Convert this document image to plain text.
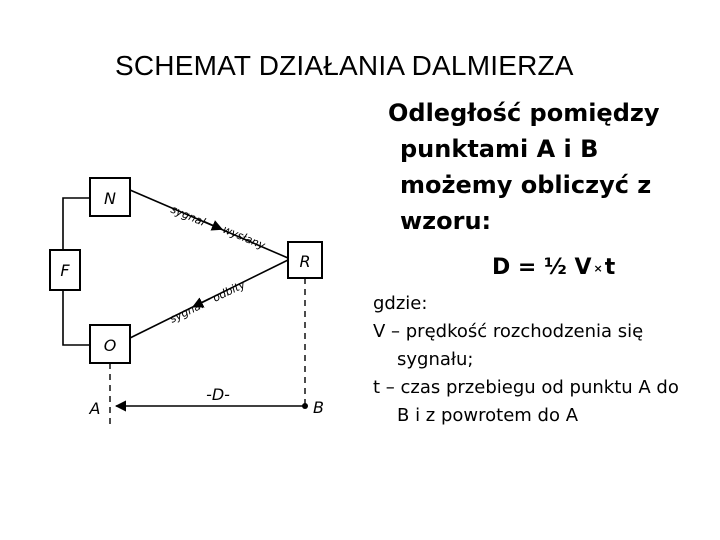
SCHEMAT DZIAŁANIA DALMIERZA
N
F
O
R
sygnał
wysłany
sygnał
odbity
-D-
A	B
Odległość pomiędzy
punktami A i B
możemy obliczyć z
wzoru:
D = ½ V ×t
gdzie:
V – prędkość rozchodzenia się
sygnału;
t – czas przebiegu od punktu A do
B i z powrotem do A
